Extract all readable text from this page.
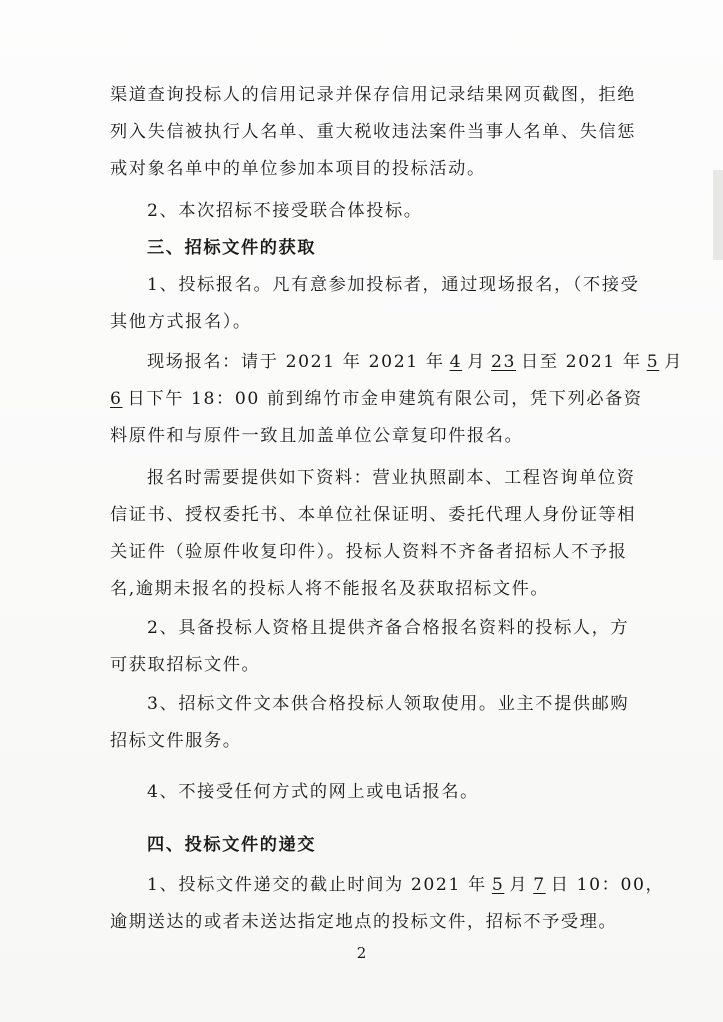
渠道查询投标人的信用记录并保存信用记录结果网页截图，拒绝
列入失信被执行人名单、重大税收违法案件当事人名单、失信惩
戒对象名单中的单位参加本项目的投标活动。
2、本次招标不接受联合体投标。
三、招标文件的获取
1、投标报名。凡有意参加投标者，通过现场报名，（不接受
其他方式报名）。
现场报名：请于 2021 年 2021 年 4 月 23 日至 2021 年 5 月
6 日下午 18：00 前到绵竹市金申建筑有限公司，凭下列必备资
料原件和与原件一致且加盖单位公章复印件报名。
报名时需要提供如下资料：营业执照副本、工程咨询单位资
信证书、授权委托书、本单位社保证明、委托代理人身份证等相
关证件（验原件收复印件）。投标人资料不齐备者招标人不予报
名,逾期未报名的投标人将不能报名及获取招标文件。
2、具备投标人资格且提供齐备合格报名资料的投标人，方
可获取招标文件。
3、招标文件文本供合格投标人领取使用。业主不提供邮购
招标文件服务。
4、不接受任何方式的网上或电话报名。
四、投标文件的递交
1、投标文件递交的截止时间为 2021 年 5 月 7 日 10：00，
逾期送达的或者未送达指定地点的投标文件，招标不予受理。
2
